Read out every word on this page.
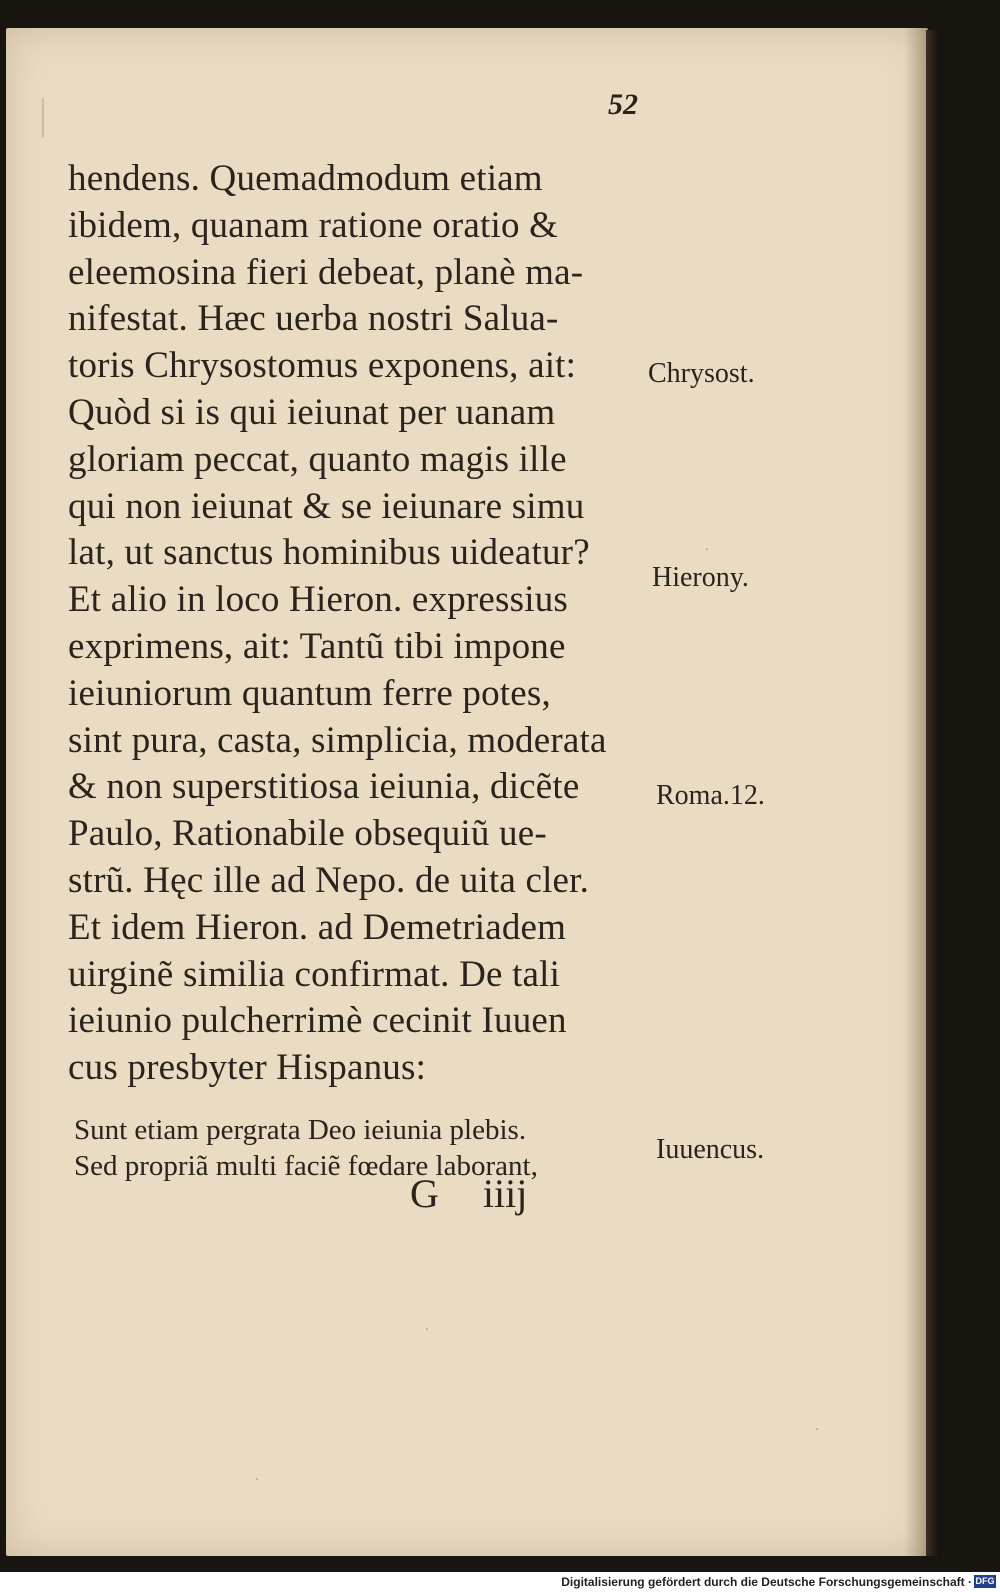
52
hendens. Quemadmodum etiam
ibidem, quanam ratione oratio &
eleemosina fieri debeat, planè ma-
nifestat. Hæc uerba nostri Salua-
toris Chrysostomus exponens, ait:
Quòd si is qui ieiunat per uanam
gloriam peccat, quanto magis ille
qui non ieiunat & se ieiunare simu
lat, ut sanctus hominibus uideatur?
Et alio in loco Hieron. expressius
exprimens, ait: Tantũ tibi impone
ieiuniorum quantum ferre potes,
sint pura, casta, simplicia, moderata
& non superstitiosa ieiunia, dicẽte
Paulo, Rationabile obsequiũ ue-
strũ. Hęc ille ad Nepo. de uita cler.
Et idem Hieron. ad Demetriadem
uirginẽ similia confirmat. De tali
ieiunio pulcherrimè cecinit Iuuen
cus presbyter Hispanus:
Chrysost.
Hierony.
Roma.12.
Iuuencus.
Sunt etiam pergrata Deo ieiunia plebis.
Sed propriã multi faciẽ fœdare laborant,
G iiij
Digitalisierung gefördert durch die Deutsche Forschungsgemeinschaft · DFG
